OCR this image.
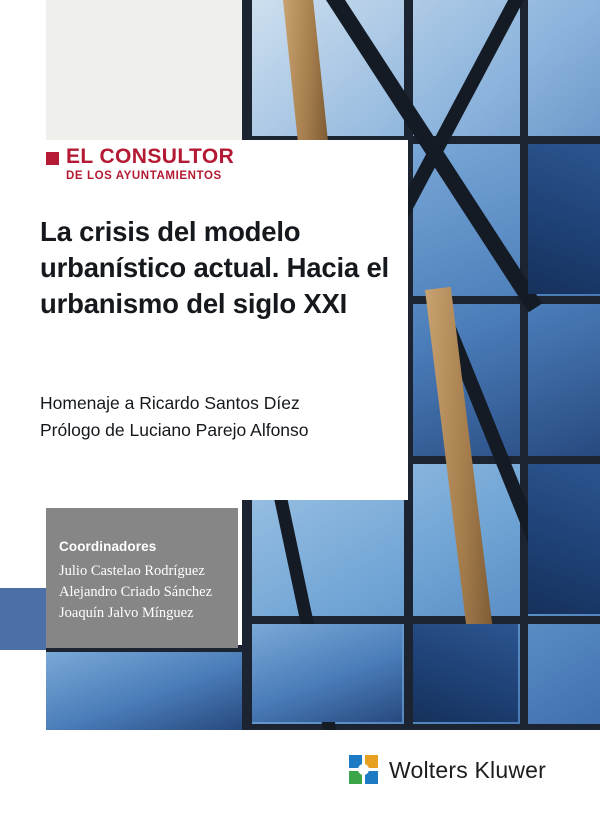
EL CONSULTOR
DE LOS AYUNTAMIENTOS
La crisis del modelo urbanístico actual. Hacia el urbanismo del siglo XXI
Homenaje a Ricardo Santos Díez
Prólogo de Luciano Parejo Alfonso
Coordinadores
Julio Castelao Rodríguez
Alejandro Criado Sánchez
Joaquín Jalvo Mínguez
Wolters Kluwer
